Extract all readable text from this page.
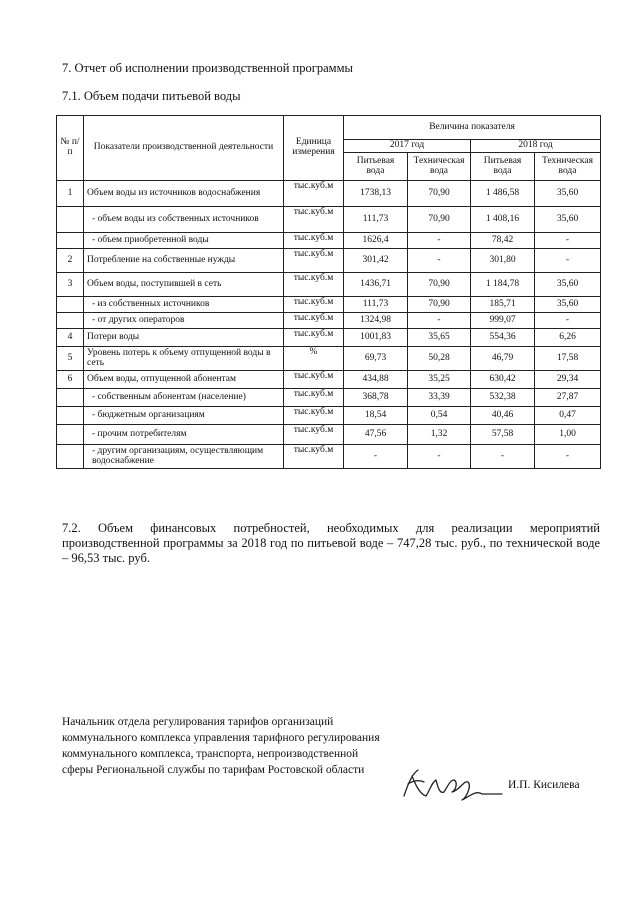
7. Отчет об исполнении производственной программы
7.1. Объем подачи питьевой воды
№ п/п	Показатели производственной деятельности	Единица измерения	Величина показателя			
			2017 год		2018 год	
			Питьевая вода	Техническая вода	Питьевая вода	Техническая вода
1	Объем воды из источников водоснабжения	тыс.куб.м	1738,13	70,90	1 486,58	35,60
	- объем воды из собственных источников	тыс.куб.м	111,73	70,90	1 408,16	35,60
	- объем приобретенной воды	тыс.куб.м	1626,4	-	78,42	-
2	Потребление на собственные нужды	тыс.куб.м	301,42	-	301,80	-
3	Объем воды, поступившей в сеть	тыс.куб.м	1436,71	70,90	1 184,78	35,60
	- из собственных источников	тыс.куб.м	111,73	70,90	185,71	35,60
	- от других операторов	тыс.куб.м	1324,98	-	999,07	-
4	Потери воды	тыс.куб.м	1001,83	35,65	554,36	6,26
5	Уровень потерь к объему отпущенной воды в сеть	%	69,73	50,28	46,79	17,58
6	Объем воды, отпущенной абонентам	тыс.куб.м	434,88	35,25	630,42	29,34
	- собственным абонентам (население)	тыс.куб.м	368,78	33,39	532,38	27,87
	- бюджетным организациям	тыс.куб.м	18,54	0,54	40,46	0,47
	- прочим потребителям	тыс.куб.м	47,56	1,32	57,58	1,00
	- другим организациям, осуществляющим водоснабжение	тыс.куб.м	-	-	-	-
7.2. Объем финансовых потребностей, необходимых для реализации мероприятий производственной программы за 2018 год по питьевой воде – 747,28 тыс. руб., по технической воде – 96,53 тыс. руб.
Начальник отдела регулирования тарифов организаций коммунального комплекса управления тарифного регулирования коммунального комплекса, транспорта, непроизводственной сферы Региональной службы по тарифам Ростовской области
И.П. Кисилева
